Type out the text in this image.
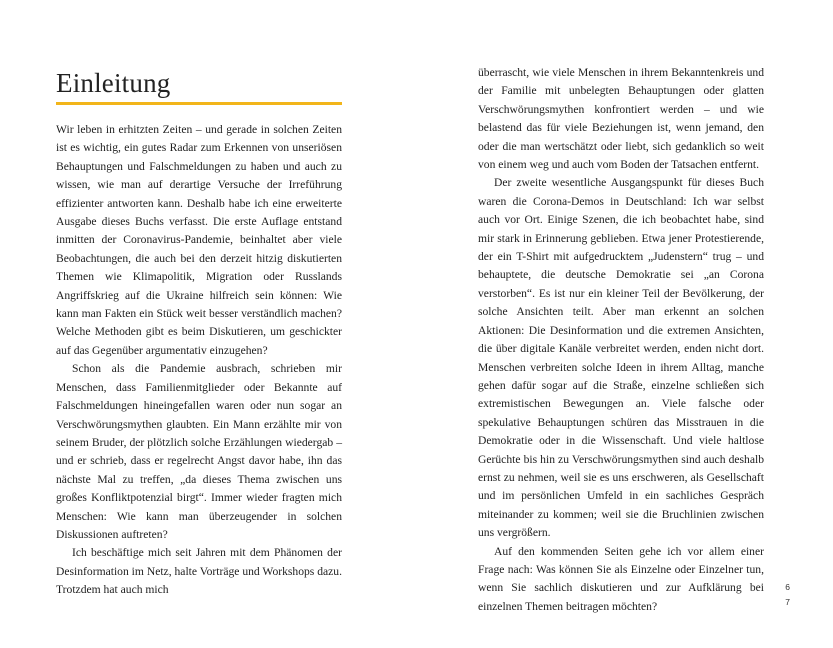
Einleitung

Wir leben in erhitzten Zeiten – und gerade in solchen Zeiten ist es wichtig, ein gutes Radar zum Erkennen von unseriösen Behauptungen und Falschmeldungen zu haben und auch zu wissen, wie man auf derartige Versuche der Irreführung effizienter antworten kann. Deshalb habe ich eine erweiterte Ausgabe dieses Buchs verfasst. Die erste Auflage entstand inmitten der Coronavirus-Pandemie, beinhaltet aber viele Beobachtungen, die auch bei den derzeit hitzig diskutierten Themen wie Klimapolitik, Migration oder Russlands Angriffskrieg auf die Ukraine hilfreich sein können: Wie kann man Fakten ein Stück weit besser verständlich machen? Welche Methoden gibt es beim Diskutieren, um geschickter auf das Gegenüber argumentativ einzugehen?

Schon als die Pandemie ausbrach, schrieben mir Menschen, dass Familienmitglieder oder Bekannte auf Falschmeldungen hineingefallen waren oder nun sogar an Verschwörungsmythen glaubten. Ein Mann erzählte mir von seinem Bruder, der plötzlich solche Erzählungen wiedergab – und er schrieb, dass er regelrecht Angst davor habe, ihn das nächste Mal zu treffen, „da dieses Thema zwischen uns großes Konfliktpotenzial birgt“. Immer wieder fragten mich Menschen: Wie kann man überzeugender in solchen Diskussionen auftreten?

Ich beschäftige mich seit Jahren mit dem Phänomen der Desinformation im Netz, halte Vorträge und Workshops dazu. Trotzdem hat auch mich

überrascht, wie viele Menschen in ihrem Bekanntenkreis und der Familie mit unbelegten Behauptungen oder glatten Verschwörungsmythen konfrontiert werden – und wie belastend das für viele Beziehungen ist, wenn jemand, den oder die man wertschätzt oder liebt, sich gedanklich so weit von einem weg und auch vom Boden der Tatsachen entfernt.

Der zweite wesentliche Ausgangspunkt für dieses Buch waren die Corona-Demos in Deutschland: Ich war selbst auch vor Ort. Einige Szenen, die ich beobachtet habe, sind mir stark in Erinnerung geblieben. Etwa jener Protestierende, der ein T-Shirt mit aufgedrucktem „Judenstern“ trug – und behauptete, die deutsche Demokratie sei „an Corona verstorben“. Es ist nur ein kleiner Teil der Bevölkerung, der solche Ansichten teilt. Aber man erkennt an solchen Aktionen: Die Desinformation und die extremen Ansichten, die über digitale Kanäle verbreitet werden, enden nicht dort. Menschen verbreiten solche Ideen in ihrem Alltag, manche gehen dafür sogar auf die Straße, einzelne schließen sich extremistischen Bewegungen an. Viele falsche oder spekulative Behauptungen schüren das Misstrauen in die Demokratie oder in die Wissenschaft. Und viele haltlose Gerüchte bis hin zu Verschwörungsmythen sind auch deshalb ernst zu nehmen, weil sie es uns erschweren, als Gesellschaft und im persönlichen Umfeld in ein sachliches Gespräch miteinander zu kommen; weil sie die Bruchlinien zwischen uns vergrößern.

Auf den kommenden Seiten gehe ich vor allem einer Frage nach: Was können Sie als Einzelne oder Einzelner tun, wenn Sie sachlich diskutieren und zur Aufklärung bei einzelnen Themen beitragen möchten?

6
7
